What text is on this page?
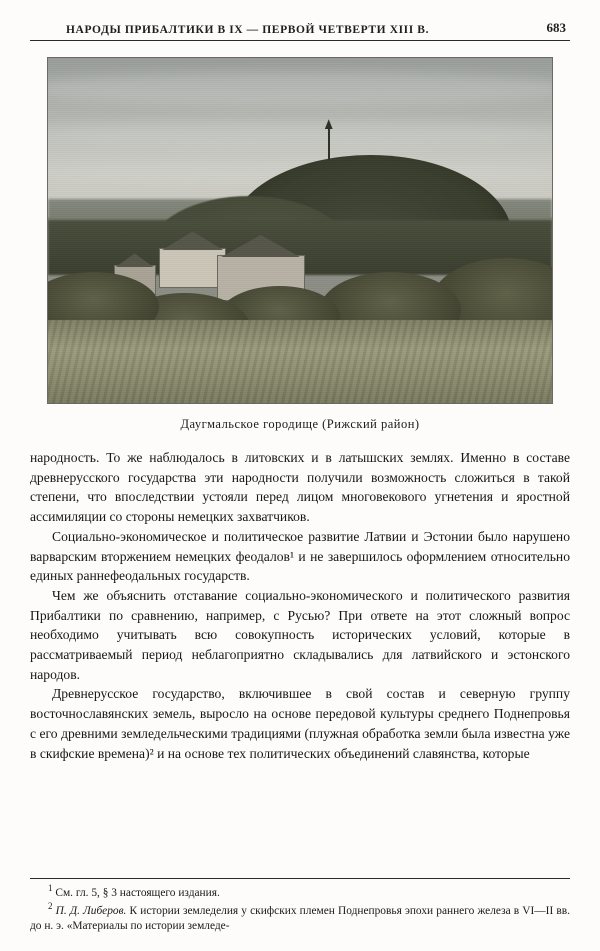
НАРОДЫ ПРИБАЛТИКИ В IX — ПЕРВОЙ ЧЕТВЕРТИ XIII В.	683
Даугмальское городище (Рижский район)

народность. То же наблюдалось в литовских и в латышских землях. Именно в составе древнерусского государства эти народности получили возможность сложиться в такой степени, что впоследствии устояли перед лицом многовекового угнетения и яростной ассимиляции со стороны немецких захватчиков.

Социально-экономическое и политическое развитие Латвии и Эстонии было нарушено варварским вторжением немецких феодалов¹ и не завершилось оформлением относительно единых раннефеодальных государств.

Чем же объяснить отставание социально-экономического и политического развития Прибалтики по сравнению, например, с Русью? При ответе на этот сложный вопрос необходимо учитывать всю совокупность исторических условий, которые в рассматриваемый период неблагоприятно складывались для латвийского и эстонского народов.

Древнерусское государство, включившее в свой состав и северную группу восточнославянских земель, выросло на основе передовой культуры среднего Поднепровья с его древними земледельческими традициями (плужная обработка земли была известна уже в скифские времена)² и на основе тех политических объединений славянства, которые

$^1$ См. гл. 5, § 3 настоящего издания.

$^2$ П. Д. Либеров. К истории земледелия у скифских племен Поднепровья эпохи раннего железа в VI—II вв. до н. э. «Материалы по истории земледе-
